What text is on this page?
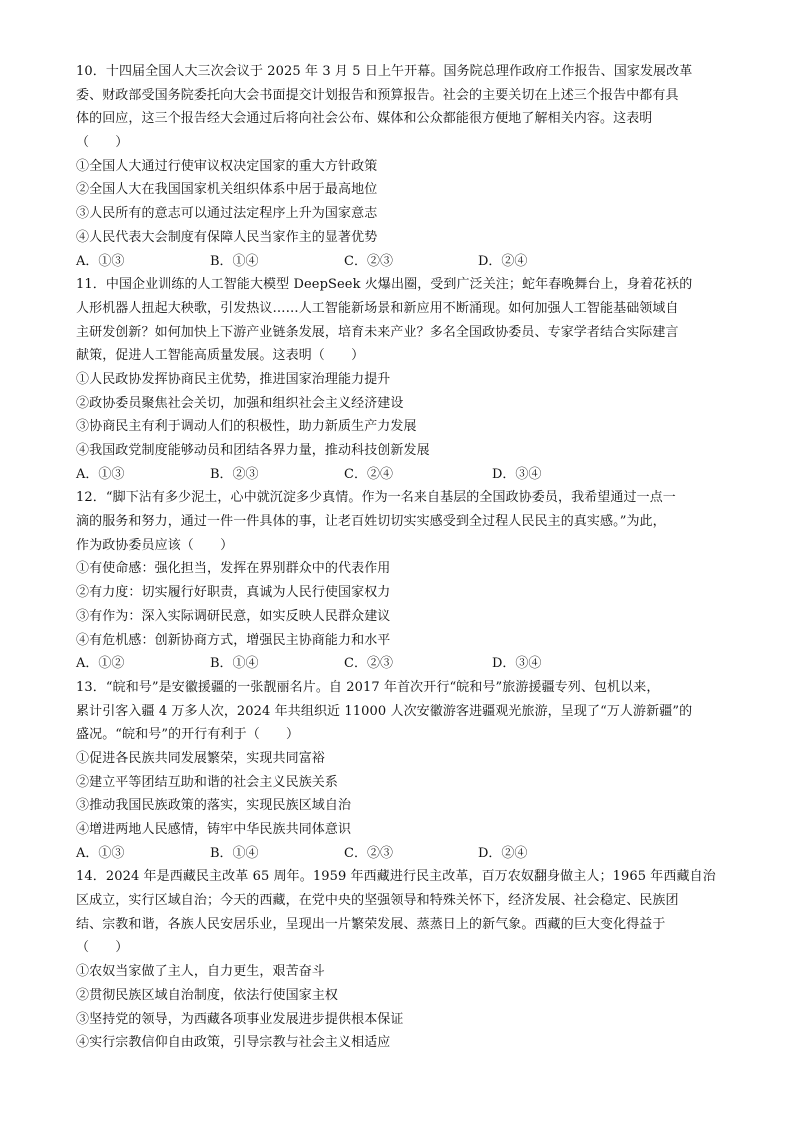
10．十四届全国人大三次会议于 2025 年 3 月 5 日上午开幕。国务院总理作政府工作报告、国家发展改革
委、财政部受国务院委托向大会书面提交计划报告和预算报告。社会的主要关切在上述三个报告中都有具
体的回应，这三个报告经大会通过后将向社会公布、媒体和公众都能很方便地了解相关内容。这表明
（　　）
①全国人大通过行使审议权决定国家的重大方针政策
②全国人大在我国国家机关组织体系中居于最高地位
③人民所有的意志可以通过法定程序上升为国家意志
④人民代表大会制度有保障人民当家作主的显著优势
A．①③	B．①④	C．②③	D．②④
11．中国企业训练的人工智能大模型 DeepSeek 火爆出圈，受到广泛关注；蛇年春晚舞台上，身着花袄的
人形机器人扭起大秧歌，引发热议……人工智能新场景和新应用不断涌现。如何加强人工智能基础领域自
主研发创新？如何加快上下游产业链条发展，培育未来产业？多名全国政协委员、专家学者结合实际建言
献策，促进人工智能高质量发展。这表明（　　）
①人民政协发挥协商民主优势，推进国家治理能力提升
②政协委员聚焦社会关切，加强和组织社会主义经济建设
③协商民主有利于调动人们的积极性，助力新质生产力发展
④我国政党制度能够动员和团结各界力量，推动科技创新发展
A．①③	B．②③	C．②④	D．③④
12．“脚下沾有多少泥土，心中就沉淀多少真情。作为一名来自基层的全国政协委员，我希望通过一点一
滴的服务和努力，通过一件一件具体的事，让老百姓切切实实感受到全过程人民民主的真实感。”为此，
作为政协委员应该（　　）
①有使命感：强化担当，发挥在界别群众中的代表作用
②有力度：切实履行好职责，真诚为人民行使国家权力
③有作为：深入实际调研民意，如实反映人民群众建议
④有危机感：创新协商方式，增强民主协商能力和水平
A．①②	B．①④	C．②③	D．③④
13．“皖和号”是安徽援疆的一张靓丽名片。自 2017 年首次开行“皖和号”旅游援疆专列、包机以来，
累计引客入疆 4 万多人次，2024 年共组织近 11000 人次安徽游客进疆观光旅游，呈现了“万人游新疆”的
盛况。“皖和号”的开行有利于（　　）
①促进各民族共同发展繁荣，实现共同富裕
②建立平等团结互助和谐的社会主义民族关系
③推动我国民族政策的落实，实现民族区域自治
④增进两地人民感情，铸牢中华民族共同体意识
A．①③	B．①④	C．②③	D．②④
14．2024 年是西藏民主改革 65 周年。1959 年西藏进行民主改革，百万农奴翻身做主人；1965 年西藏自治
区成立，实行区域自治；今天的西藏，在党中央的坚强领导和特殊关怀下，经济发展、社会稳定、民族团
结、宗教和谐，各族人民安居乐业，呈现出一片繁荣发展、蒸蒸日上的新气象。西藏的巨大变化得益于
（　　）
①农奴当家做了主人，自力更生，艰苦奋斗
②贯彻民族区域自治制度，依法行使国家主权
③坚持党的领导，为西藏各项事业发展进步提供根本保证
④实行宗教信仰自由政策，引导宗教与社会主义相适应
